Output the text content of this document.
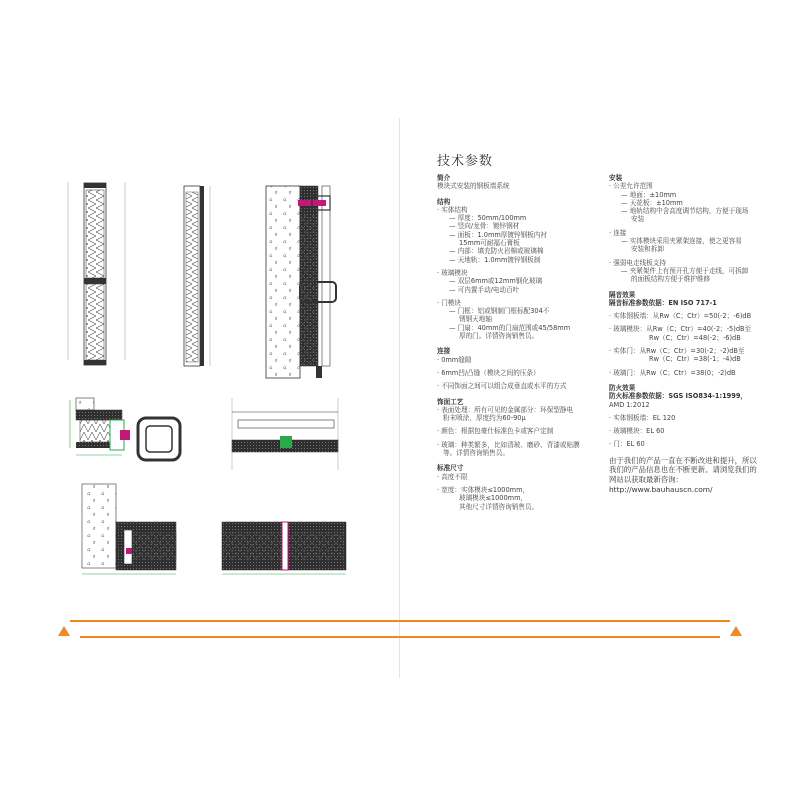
技术参数
简介
模块式安装的钢板墙系统
结构
· 实体结构
— 厚度：50mm/100mm
— 竖向/龙骨：镀锌钢材
— 面板：1.0mm厚镀锌钢板内衬
15mm可耐福石膏板
— 内部：填充防火岩棉或玻璃棉
— 天地轨：1.0mm镀锌钢板制
· 玻璃模块
— 双层6mm或12mm钢化玻璃
— 可内置手动/电动百叶
· 门模块
— 门框：铝或钢制门框标配304不
锈钢天地轴
— 门扇：40mm的门扇范围或45/58mm
厚的门。详情咨询销售员。
连接
· 0mm缝隙
· 6mm凹/凸缝（模块之间的压条）
· 不同饰面之间可以组合成垂直或水平的方式
饰面工艺
· 表面处理：所有可见的金属部分：环保型静电
粉末喷涂，厚度约为60-90μ
· 颜色：根据包豪仕标准色卡或客户定制
· 玻璃：种类繁多，比如清玻、磨砂、背漆或贴膜
等。详情咨询销售员。
标准尺寸
· 高度不限
· 宽度：实体模块≤1000mm，
玻璃模块≤1000mm，
其他尺寸详情咨询销售员。
安装
· 公差允许范围
— 地面：±10mm
— 天花板：±10mm
— 地轨结构中含高度调节结构，方便于现场
安装
· 连接
— 实体模块采用夹紧架连接，使之更容易
安装和拆卸
· 强弱电走线板支持
— 夹紧架件上有预开孔方便于走线，可拆卸
的面板结构方便于维护维修
隔音效果
隔音标准参数依据：EN ISO 717-1
· 实体钢板墙：从Rw（C；Ctr）=50(-2；-6)dB
· 玻璃模块：从Rw（C；Ctr）=40(-2；-5)dB至
Rw（C；Ctr）=48(-2；-6)dB
· 实体门：从Rw（C；Ctr）=30(-2；-2)dB至
Rw（C；Ctr）=38(-1；-4)dB
· 玻璃门：从Rw（C；Ctr）=38(0；-2)dB
防火效果
防火标准参数依据：SGS ISO834-1:1999，
AMD 1:2012
· 实体钢板墙：EL 120
· 玻璃模块：EL 60
· 门：EL 60
由于我们的产品一直在不断改进和提升，所以
我们的产品信息也在不断更新。请浏览我们的
网站以获取最新咨询：
http://www.bauhauscn.com/
